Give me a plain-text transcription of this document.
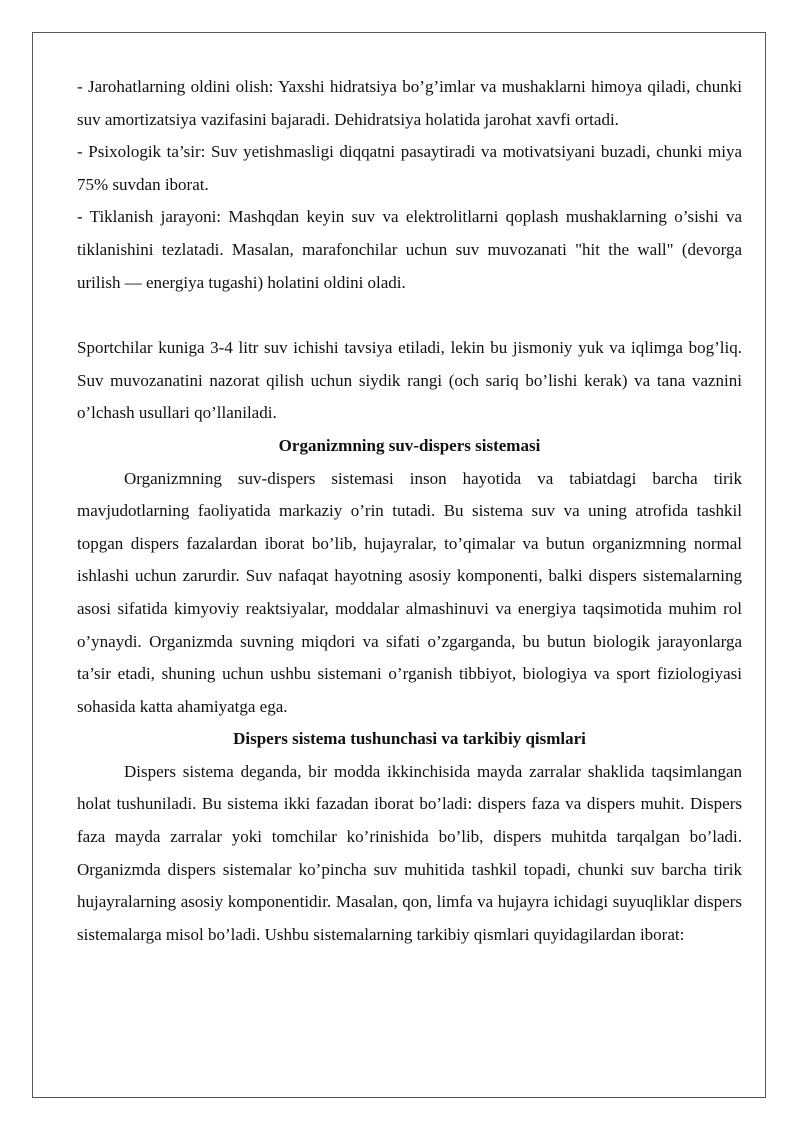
- Jarohatlarning oldini olish: Yaxshi hidratsiya bo’g’imlar va mushaklarni himoya qiladi, chunki suv amortizatsiya vazifasini bajaradi. Dehidratsiya holatida jarohat xavfi ortadi.

- Psixologik ta’sir: Suv yetishmasligi diqqatni pasaytiradi va motivatsiyani buzadi, chunki miya 75% suvdan iborat.

- Tiklanish jarayoni: Mashqdan keyin suv va elektrolitlarni qoplash mushaklarning o’sishi va tiklanishini tezlatadi. Masalan, marafonchilar uchun suv muvozanati "hit the wall" (devorga urilish — energiya tugashi) holatini oldini oladi.

Sportchilar kuniga 3-4 litr suv ichishi tavsiya etiladi, lekin bu jismoniy yuk va iqlimga bog’liq. Suv muvozanatini nazorat qilish uchun siydik rangi (och sariq bo’lishi kerak) va tana vaznini o’lchash usullari qo’llaniladi.

Organizmning suv-dispers sistemasi

Organizmning suv-dispers sistemasi inson hayotida va tabiatdagi barcha tirik mavjudotlarning faoliyatida markaziy o’rin tutadi. Bu sistema suv va uning atrofida tashkil topgan dispers fazalardan iborat bo’lib, hujayralar, to’qimalar va butun organizmning normal ishlashi uchun zarurdir. Suv nafaqat hayotning asosiy komponenti, balki dispers sistemalarning asosi sifatida kimyoviy reaktsiyalar, moddalar almashinuvi va energiya taqsimotida muhim rol o’ynaydi. Organizmda suvning miqdori va sifati o’zgarganda, bu butun biologik jarayonlarga ta’sir etadi, shuning uchun ushbu sistemani o’rganish tibbiyot, biologiya va sport fiziologiyasi sohasida katta ahamiyatga ega.

Dispers sistema tushunchasi va tarkibiy qismlari

Dispers sistema deganda, bir modda ikkinchisida mayda zarralar shaklida taqsimlangan holat tushuniladi. Bu sistema ikki fazadan iborat bo’ladi: dispers faza va dispers muhit. Dispers faza mayda zarralar yoki tomchilar ko’rinishida bo’lib, dispers muhitda tarqalgan bo’ladi. Organizmda dispers sistemalar ko’pincha suv muhitida tashkil topadi, chunki suv barcha tirik hujayralarning asosiy komponentidir. Masalan, qon, limfa va hujayra ichidagi suyuqliklar dispers sistemalarga misol bo’ladi. Ushbu sistemalarning tarkibiy qismlari quyidagilardan iborat:
